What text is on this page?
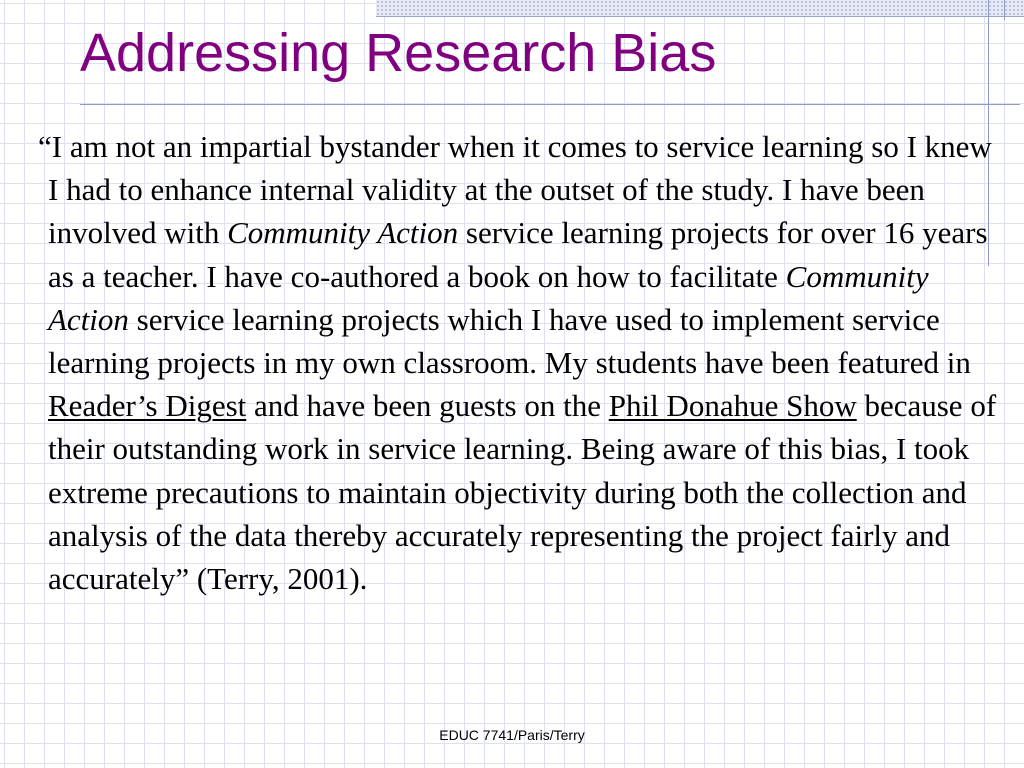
Addressing Research Bias

“I am not an impartial bystander when it comes to service learning so I knew I had to enhance internal validity at the outset of the study. I have been involved with Community Action service learning projects for over 16 years as a teacher. I have co-authored a book on how to facilitate Community Action service learning projects which I have used to implement service learning projects in my own classroom. My students have been featured in Reader’s Digest and have been guests on the Phil Donahue Show because of their outstanding work in service learning. Being aware of this bias, I took extreme precautions to maintain objectivity during both the collection and analysis of the data thereby accurately representing the project fairly and accurately” (Terry, 2001).

EDUC 7741/Paris/Terry
